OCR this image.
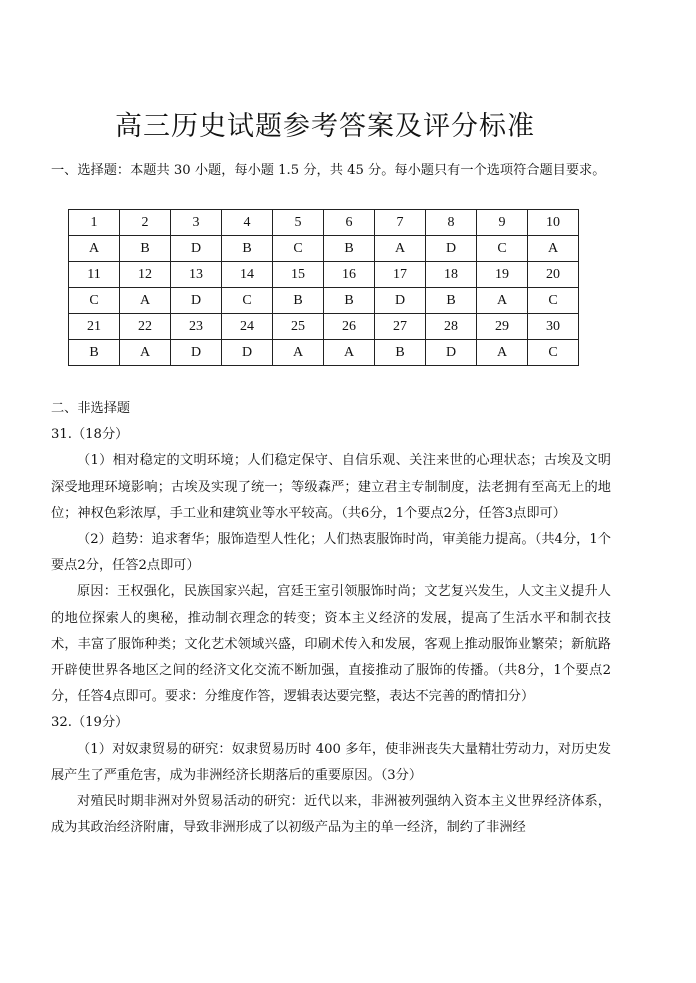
高三历史试题参考答案及评分标准
一、选择题：本题共 30 小题，每小题 1.5 分，共 45 分。每小题只有一个选项符合题目要求。
1	2	3	4	5	6	7	8	9	10
A	B	D	B	C	B	A	D	C	A
11	12	13	14	15	16	17	18	19	20
C	A	D	C	B	B	D	B	A	C
21	22	23	24	25	26	27	28	29	30
B	A	D	D	A	A	B	D	A	C

二、非选择题

31.（18分）

（1）相对稳定的文明环境；人们稳定保守、自信乐观、关注来世的心理状态；古埃及文明深受地理环境影响；古埃及实现了统一；等级森严；建立君主专制制度，法老拥有至高无上的地位；神权色彩浓厚，手工业和建筑业等水平较高。（共6分，1个要点2分，任答3点即可）

（2）趋势：追求奢华；服饰造型人性化；人们热衷服饰时尚，审美能力提高。（共4分，1个要点2分，任答2点即可）

原因：王权强化，民族国家兴起，宫廷王室引领服饰时尚；文艺复兴发生，人文主义提升人的地位探索人的奥秘，推动制衣理念的转变；资本主义经济的发展，提高了生活水平和制衣技术，丰富了服饰种类；文化艺术领域兴盛，印刷术传入和发展，客观上推动服饰业繁荣；新航路开辟使世界各地区之间的经济文化交流不断加强，直接推动了服饰的传播。（共8分，1个要点2分，任答4点即可。要求：分维度作答，逻辑表达要完整，表达不完善的酌情扣分）

32.（19分）

（1）对奴隶贸易的研究：奴隶贸易历时 400 多年，使非洲丧失大量精壮劳动力，对历史发展产生了严重危害，成为非洲经济长期落后的重要原因。（3分）

对殖民时期非洲对外贸易活动的研究：近代以来，非洲被列强纳入资本主义世界经济体系，成为其政治经济附庸，导致非洲形成了以初级产品为主的单一经济，制约了非洲经
